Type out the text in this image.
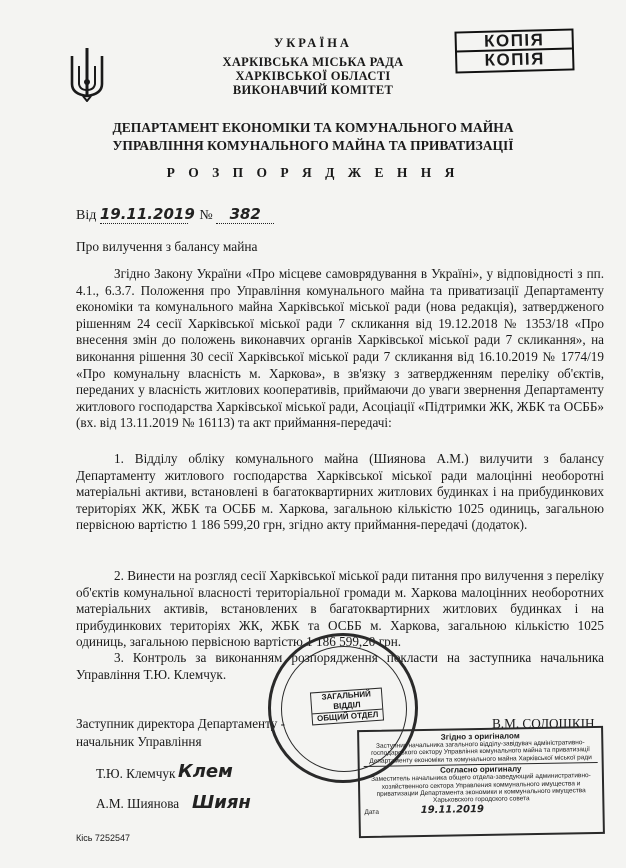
УКРАЇНА
ХАРКІВСЬКА МІСЬКА РАДА
ХАРКІВСЬКОЇ ОБЛАСТІ
ВИКОНАВЧИЙ КОМІТЕТ
КОПІЯ
КОПІЯ
ДЕПАРТАМЕНТ ЕКОНОМІКИ ТА КОМУНАЛЬНОГО МАЙНА
УПРАВЛІННЯ КОМУНАЛЬНОГО МАЙНА ТА ПРИВАТИЗАЦІЇ
Р О З П О Р Я Д Ж Е Н Н Я
Від 19.11.2019 № 382
Про вилучення з балансу майна
Згідно Закону України «Про місцеве самоврядування в Україні», у відповідності з пп. 4.1., 6.3.7. Положення про Управління комунального майна та приватизації Департаменту економіки та комунального майна Харківської міської ради (нова редакція), затвердженого рішенням 24 сесії Харківської міської ради 7 скликання від 19.12.2018 № 1353/18 «Про внесення змін до положень виконавчих органів Харківської міської ради 7 скликання», на виконання рішення 30 сесії Харківської міської ради 7 скликання від 16.10.2019 № 1774/19 «Про комунальну власність м. Харкова», в зв'язку з затвердженням переліку об'єктів, переданих у власність житлових кооперативів, приймаючи до уваги звернення Департаменту житлового господарства Харківської міської ради, Асоціації «Підтримки ЖК, ЖБК та ОСББ» (вх. від 13.11.2019 № 16113) та акт приймання-передачі:
1. Відділу обліку комунального майна (Шиянова А.М.) вилучити з балансу Департаменту житлового господарства Харківської міської ради малоцінні необоротні матеріальні активи, встановлені в багатоквартирних житлових будинках і на прибудинкових територіях ЖК, ЖБК та ОСББ м. Харкова, загальною кількістю 1025 одиниць, загальною первісною вартістю 1 186 599,20 грн, згідно акту приймання-передачі (додаток).
2. Винести на розгляд сесії Харківської міської ради питання про вилучення з переліку об'єктів комунальної власності територіальної громади м. Харкова малоцінних необоротних матеріальних активів, встановлених в багатоквартирних житлових будинках і на прибудинкових територіях ЖК, ЖБК та ОСББ м. Харкова, загальною кількістю 1025 одиниць, загальною первісною вартістю 1 186 599,20 грн.
3. Контроль за виконанням розпорядження покласти на заступника начальника Управління Т.Ю. Клемчук.
Заступник директора Департаменту -
начальник Управління
В.М. СОЛОШКІН
ЗАГАЛЬНИЙ
ВІДДІЛ
ОБЩИЙ ОТДЕЛ
Т.Ю. Клемчук Клем
А.М. Шиянова Шиян
Кісь 7252547
Згідно з оригіналом
Заступник начальника загального відділу-завідувач адміністративно-господарського сектору Управління комунального майна та приватизації Департаменту економіки та комунального майна Харківської міської ради
Согласно оригиналу
Заместитель начальника общего отдела-заведующий административно-хозяйственного сектора Управления коммунального имущества и приватизации Департамента экономики и коммунального имущества Харьковского городского совета
Дата	19.11.2019
